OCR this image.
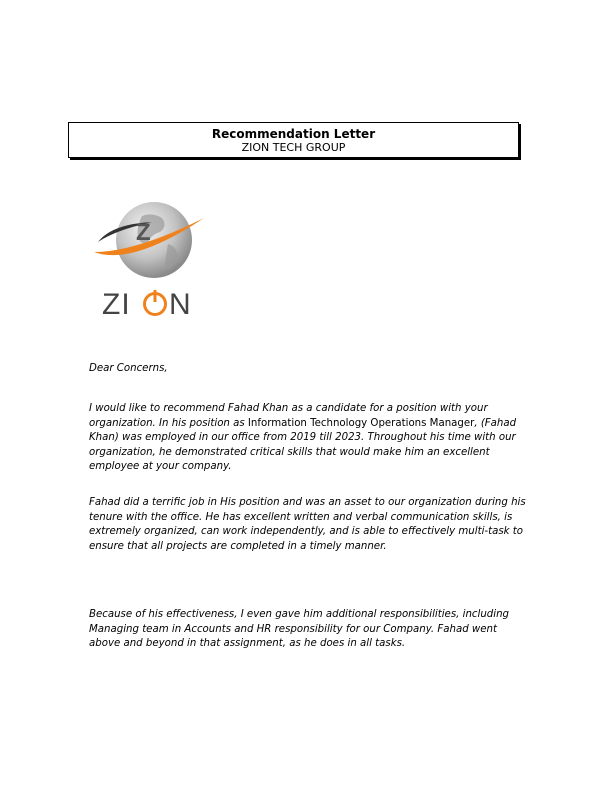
Recommendation Letter
ZION TECH GROUP
Z
ZI N

Dear Concerns,

I would like to recommend Fahad Khan as a candidate for a position with your organization. In his position as Information Technology Operations Manager, (Fahad Khan) was employed in our office from 2019 till 2023. Throughout his time with our organization, he demonstrated critical skills that would make him an excellent employee at your company.

Fahad did a terrific job in His position and was an asset to our organization during his tenure with the office. He has excellent written and verbal communication skills, is extremely organized, can work independently, and is able to effectively multi-task to ensure that all projects are completed in a timely manner.

Because of his effectiveness, I even gave him additional responsibilities, including Managing team in Accounts and HR responsibility for our Company. Fahad went above and beyond in that assignment, as he does in all tasks.
